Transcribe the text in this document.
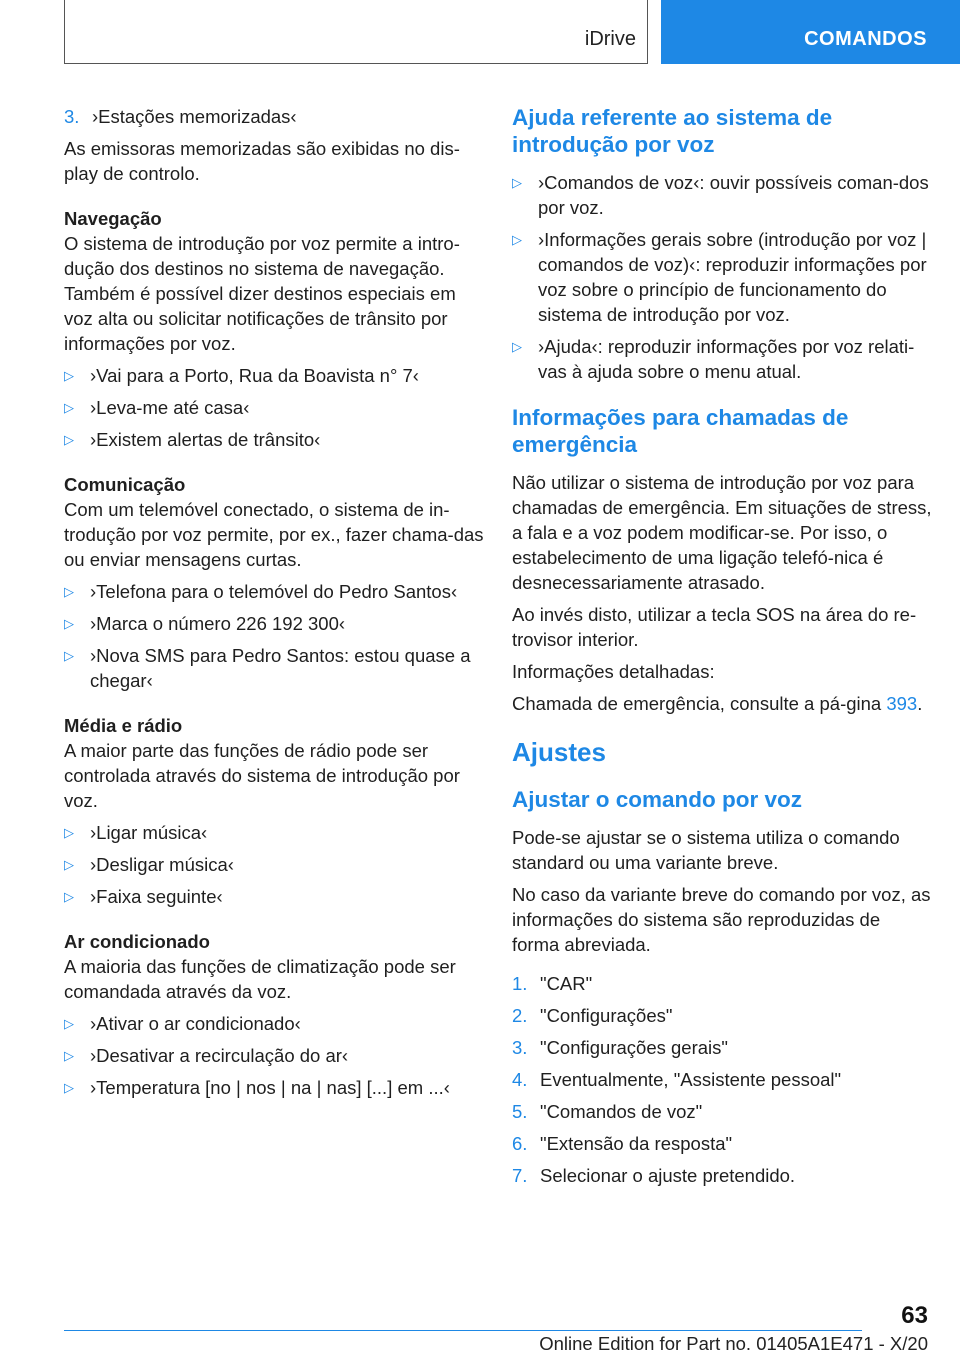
iDrive	COMANDOS
3. ›Estações memorizadas‹

As emissoras memorizadas são exibidas no dis-play de controlo.

Navegação

O sistema de introdução por voz permite a intro-dução dos destinos no sistema de navegação. Também é possível dizer destinos especiais em voz alta ou solicitar notificações de trânsito por informações por voz.

▷ ›Vai para a Porto, Rua da Boavista n° 7‹
▷ ›Leva-me até casa‹
▷ ›Existem alertas de trânsito‹

Comunicação

Com um telemóvel conectado, o sistema de in-trodução por voz permite, por ex., fazer chama-das ou enviar mensagens curtas.

▷ ›Telefona para o telemóvel do Pedro Santos‹
▷ ›Marca o número 226 192 300‹
▷ ›Nova SMS para Pedro Santos: estou quase a chegar‹

Média e rádio

A maior parte das funções de rádio pode ser controlada através do sistema de introdução por voz.

▷ ›Ligar música‹
▷ ›Desligar música‹
▷ ›Faixa seguinte‹

Ar condicionado

A maioria das funções de climatização pode ser comandada através da voz.

▷ ›Ativar o ar condicionado‹
▷ ›Desativar a recirculação do ar‹
▷ ›Temperatura [no | nos | na | nas] [...] em ...‹
Ajuda referente ao sistema de introdução por voz
▷ ›Comandos de voz‹: ouvir possíveis coman-dos por voz.
▷ ›Informações gerais sobre (introdução por voz | comandos de voz)‹: reproduzir informações por voz sobre o princípio de funcionamento do sistema de introdução por voz.
▷ ›Ajuda‹: reproduzir informações por voz relati-vas à ajuda sobre o menu atual.
Informações para chamadas de emergência

Não utilizar o sistema de introdução por voz para chamadas de emergência. Em situações de stress, a fala e a voz podem modificar-se. Por isso, o estabelecimento de uma ligação telefó-nica é desnecessariamente atrasado.

Ao invés disto, utilizar a tecla SOS na área do re-trovisor interior.

Informações detalhadas:

Chamada de emergência, consulte a pá-gina 393.

Ajustes
Ajustar o comando por voz

Pode-se ajustar se o sistema utiliza o comando standard ou uma variante breve.

No caso da variante breve do comando por voz, as informações do sistema são reproduzidas de forma abreviada.

1. "CAR"
2. "Configurações"
3. "Configurações gerais"
4. Eventualmente, "Assistente pessoal"
5. "Comandos de voz"
6. "Extensão da resposta"
7. Selecionar o ajuste pretendido.
63
Online Edition for Part no. 01405A1E471 - X/20
